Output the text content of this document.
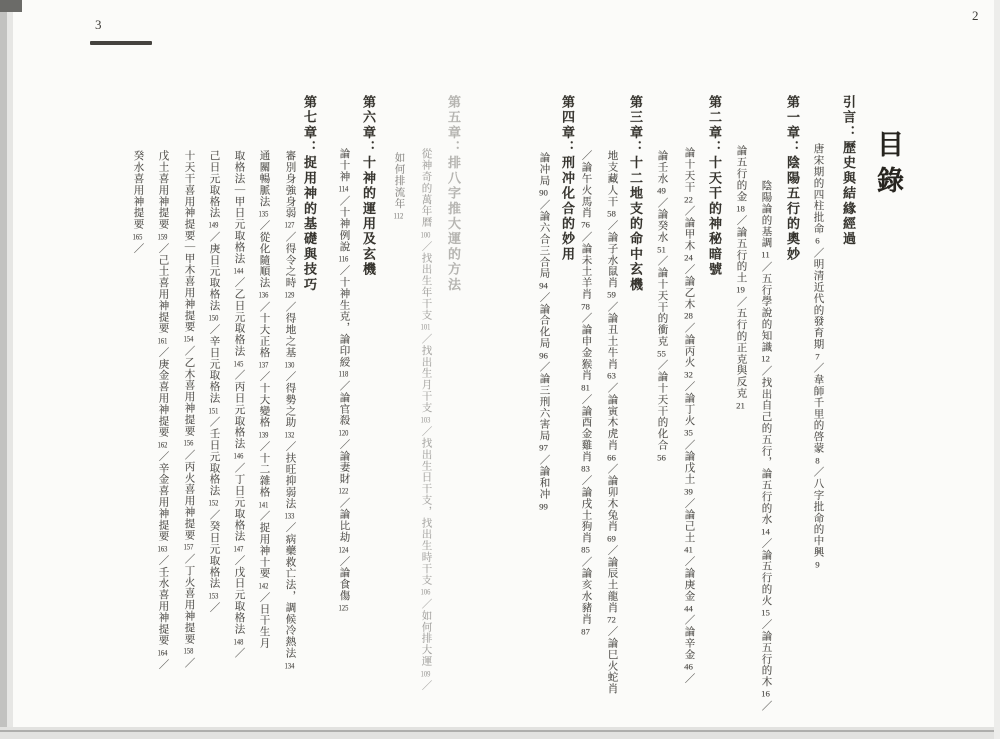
2
3
目錄
引言：歷史與結緣經過
唐宋期的四柱批命6／明清近代的發育期7／韋師千里的啓蒙8／八字批命的中興9
第一章：陰陽五行的奧妙
陰陽論的基調11／五行學說的知識12／找出自己的五行，論五行的水14／論五行的火15／論五行的木16／
論五行的金18／論五行的土19／五行的正克與反克21
第二章：十天干的神秘暗號
論十天干22／論甲木24／論乙木28／論丙火32／論丁火35／論戊土39／論己土41／論庚金44／論辛金46／
論壬水49／論癸水51／論十天干的衝克55／論十天干的化合56
第三章：十二地支的命中玄機
地支藏人干58／論子水鼠肖59／論丑土牛肖63／論寅木虎肖66／論卯木兔肖69／論辰土龍肖72／論巳火蛇肖
／論午火馬肖76／論未土羊肖78／論申金猴肖81／論酉金雞肖83／論戌土狗肖85／論亥水豬肖87
第四章：刑冲化合的妙用
論冲局90／論六合三合局94／論合化局96／論三刑六害局97／論和冲99
第五章：排八字推大運的方法
從神奇的萬年曆100／找出生年干支101／找出生月干支103／找出生日干支，找出生時干支106／如何排大運109／
如何排流年112
第六章：十神的運用及玄機
論十神114／十神例說116／十神生克，論印綬118／論官殺120／論妻財122／論比劫124／論食傷125
第七章：捉用神的基礎與技巧
審別身強身弱127／得令之時129／得地之基130／得勢之助132／扶旺抑弱法133／病藥救亡法，調候冷熱法134
通關暢脈法135／從化隨順法136／十大正格137／十大變格139／十二雜格141／捉用神十要142／日干生月
取格法｜甲日元取格法144／乙日元取格法145／丙日元取格法146／丁日元取格法147／戊日元取格法148／
己日元取格法149／庚日元取格法150／辛日元取格法151／壬日元取格法152／癸日元取格法153／
十天干喜用神提要｜甲木喜用神提要154／乙木喜用神提要156／丙火喜用神提要157／丁火喜用神提要158／
戊土喜用神提要159／己土喜用神提要161／庚金喜用神提要162／辛金喜用神提要163／壬水喜用神提要164／
癸水喜用神提要165／
